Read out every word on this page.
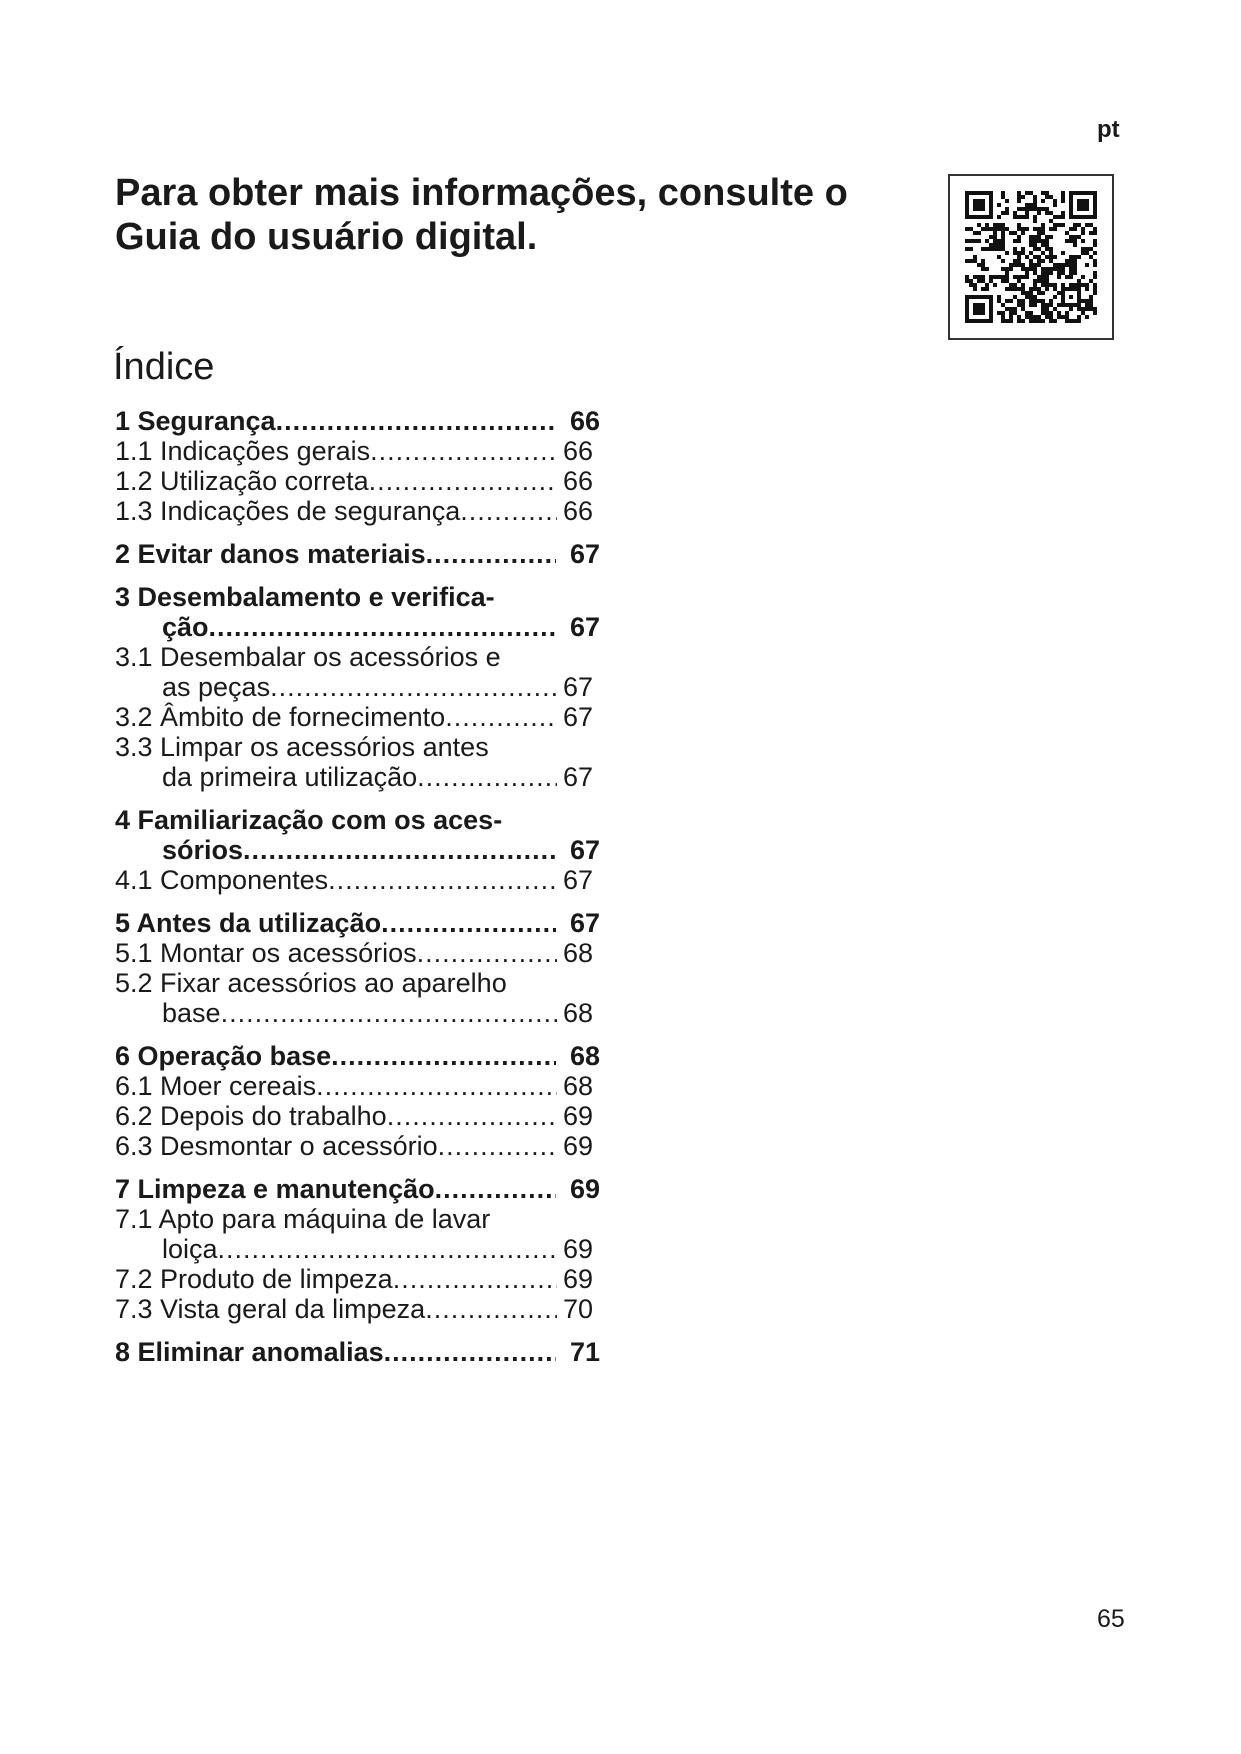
pt
Para obter mais informações, consulte o Guia do usuário digital.
Índice
1 Segurança .....	66
1.1 Indicações gerais .....	66
1.2 Utilização correta .....	66
1.3 Indicações de segurança .....	66
2 Evitar danos materiais .....	67
3 Desembalamento e verifica-
ção .....	67
3.1 Desembalar os acessórios e
as peças .....	67
3.2 Âmbito de fornecimento .....	67
3.3 Limpar os acessórios antes
da primeira utilização .....	67
4 Familiarização com os aces-
sórios .....	67
4.1 Componentes .....	67
5 Antes da utilização .....	67
5.1 Montar os acessórios .....	68
5.2 Fixar acessórios ao aparelho
base .....	68
6 Operação base .....	68
6.1 Moer cereais .....	68
6.2 Depois do trabalho .....	69
6.3 Desmontar o acessório .....	69
7 Limpeza e manutenção .....	69
7.1 Apto para máquina de lavar
loiça .....	69
7.2 Produto de limpeza .....	69
7.3 Vista geral da limpeza .....	70
8 Eliminar anomalias .....	71
65
